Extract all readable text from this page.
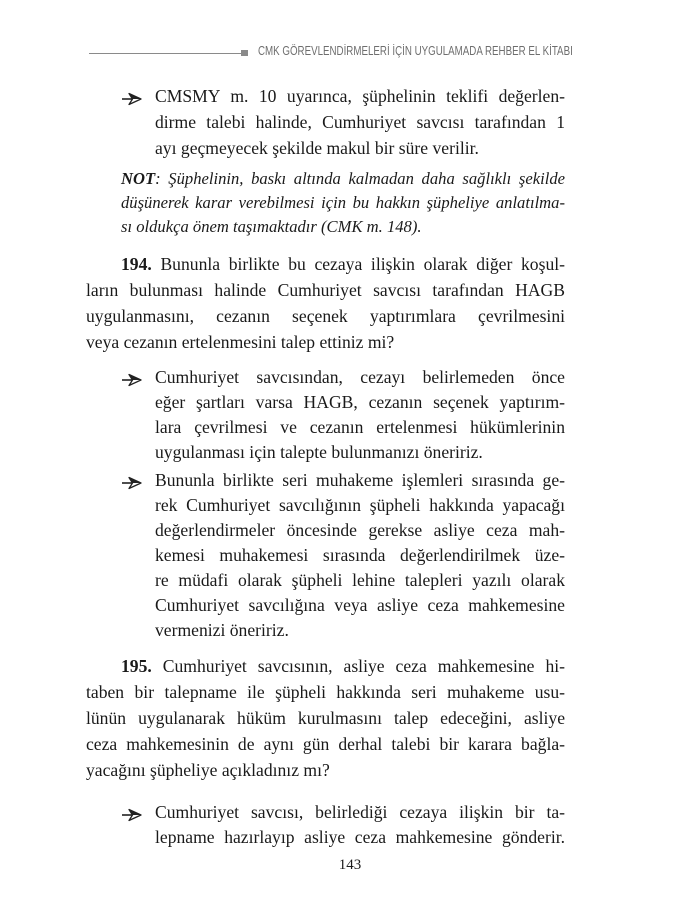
CMK GÖREVLENDİRMELERİ İÇİN UYGULAMADA REHBER EL KİTABI
CMSMY m. 10 uyarınca, şüphelinin teklifi değerlen-
dirme talebi halinde, Cumhuriyet savcısı tarafından 1
ayı geçmeyecek şekilde makul bir süre verilir.
NOT: Şüphelinin, baskı altında kalmadan daha sağlıklı şekilde
düşünerek karar verebilmesi için bu hakkın şüpheliye anlatılma-
sı oldukça önem taşımaktadır (CMK m. 148).
194. Bununla birlikte bu cezaya ilişkin olarak diğer koşul-
ların bulunması halinde Cumhuriyet savcısı tarafından HAGB
uygulanmasını, cezanın seçenek yaptırımlara çevrilmesini
veya cezanın ertelenmesini talep ettiniz mi?
Cumhuriyet savcısından, cezayı belirlemeden önce
eğer şartları varsa HAGB, cezanın seçenek yaptırım-
lara çevrilmesi ve cezanın ertelenmesi hükümlerinin
uygulanması için talepte bulunmanızı öneririz.
Bununla birlikte seri muhakeme işlemleri sırasında ge-
rek Cumhuriyet savcılığının şüpheli hakkında yapacağı
değerlendirmeler öncesinde gerekse asliye ceza mah-
kemesi muhakemesi sırasında değerlendirilmek üze-
re müdafi olarak şüpheli lehine talepleri yazılı olarak
Cumhuriyet savcılığına veya asliye ceza mahkemesine
vermenizi öneririz.
195. Cumhuriyet savcısının, asliye ceza mahkemesine hi-
taben bir talepname ile şüpheli hakkında seri muhakeme usu-
lünün uygulanarak hüküm kurulmasını talep edeceğini, asliye
ceza mahkemesinin de aynı gün derhal talebi bir karara bağla-
yacağını şüpheliye açıkladınız mı?
Cumhuriyet savcısı, belirlediği cezaya ilişkin bir ta-
lepname hazırlayıp asliye ceza mahkemesine gönderir.
143
